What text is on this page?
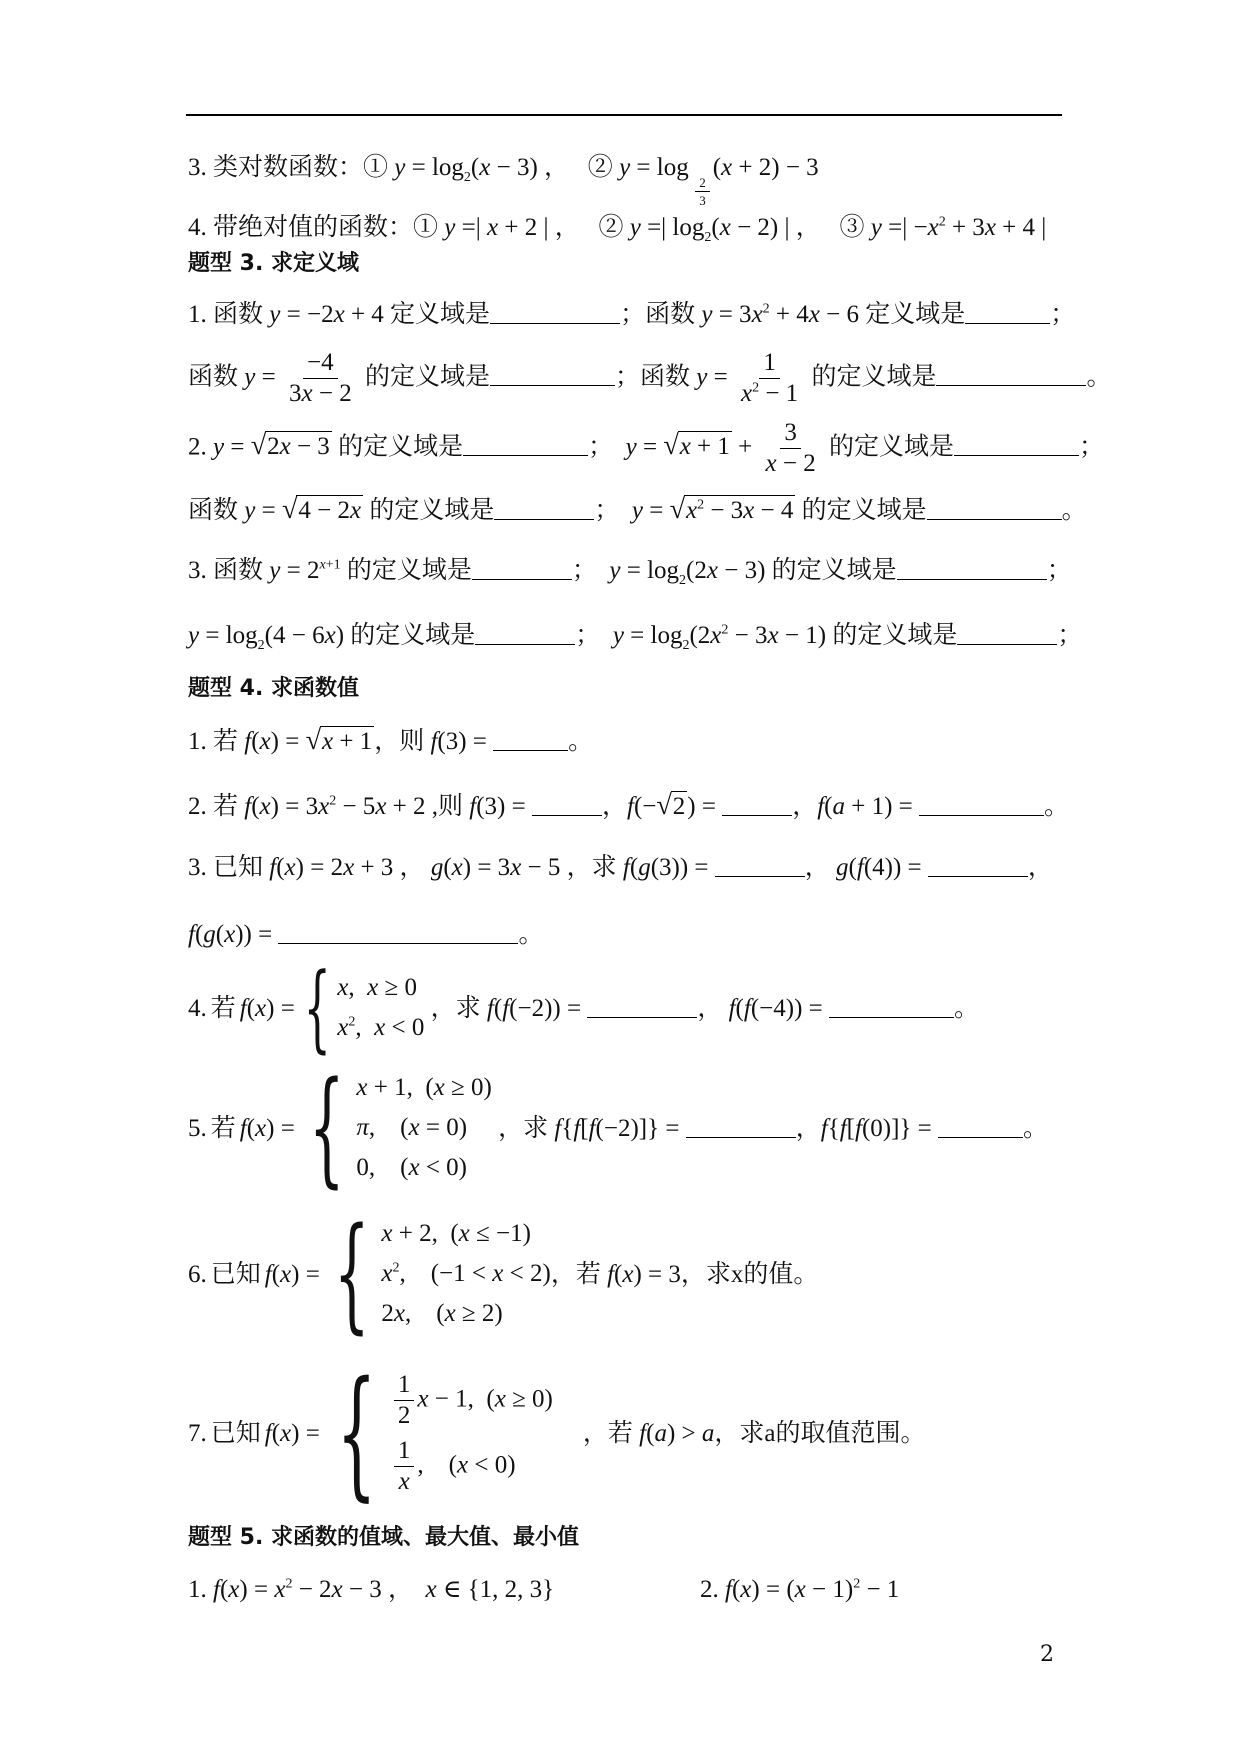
3. 类对数函数：① $y = \log_2(x - 3)$ ，   ② y = log
$_{\frac{2}{3}}$
(x + 2) − 3
4. 带绝对值的函数：① y =| x + 2 | ，   ② y =| $\log_2(x - 2)$ | ，   ③ y =| $-x^2 + 3x + 4$ |
题型 3. 求定义域
1. 函数 y = −2x + 4 定义域是	；函数 $y = 3x^2 + 4x - 6$ 定义域是	；
函数 $y = \frac{-4}{3x - 2}$ 的定义域是	；函数 $y = \frac{1}{x^2 - 1}$ 的定义域是	。
2. y = √2x − 3 的定义域是	；  $y = √x + 1 + \frac{3}{x - 2}$ 的定义域是	；
函数 y = √4 − 2x 的定义域是	；  $y = √x^2 - 3x - 4$ 的定义域是	。
3. 函数 $y = 2^{x+1}$ 的定义域是	；  $y = \log_2(2x - 3)$ 的定义域是	；
$y = \log_2(4 - 6x)$ 的定义域是	；  $y = \log_2(2x^2 - 3x - 1)$ 的定义域是	；
题型 4. 求函数值
1. 若 f(x) = √x + 1，则 f(3) =	。
2. 若 $f(x) = 3x^2 - 5x + 2$ ,则 f(3) =	，f(−√2) =	，f(a + 1) =	。
3. 已知 f(x) = 2x + 3 ， g(x) = 3x − 5 ，求 f(g(3)) =	， g(f(4)) =	，
f(g(x)) =	。
4. 若 f ( x ) = { x,  x ≥ 0
$x^2$,  x < 0
，求 f(f(−2)) =	， f(f(−4)) =	。
5. 若 f ( x ) = { x + 1,  (x ≥ 0)
π,    (x = 0)
0,    (x < 0)
，求 f{f[f(−2)]} =	，f{f[f(0)]} =	。
6. 已知 f ( x ) = { x + 2,  (x ≤ −1)
$x^2$,    (−1 < x < 2)
2x,    (x ≥ 2)
，若 f(x) = 3，求x的值。
7. 已知 f ( x ) = { $\frac{1}{2}$ x − 1,  (x ≥ 0)
$\frac{1}{x}$ ,    (x < 0)
，若 f(a) > a，求a的取值范围。
题型 5. 求函数的值域、最大值、最小值
1. $f(x) = x^2 - 2x - 3$ ，  x ∈ {1, 2, 3}	2. $f(x) = (x - 1)^2 - 1$
2
